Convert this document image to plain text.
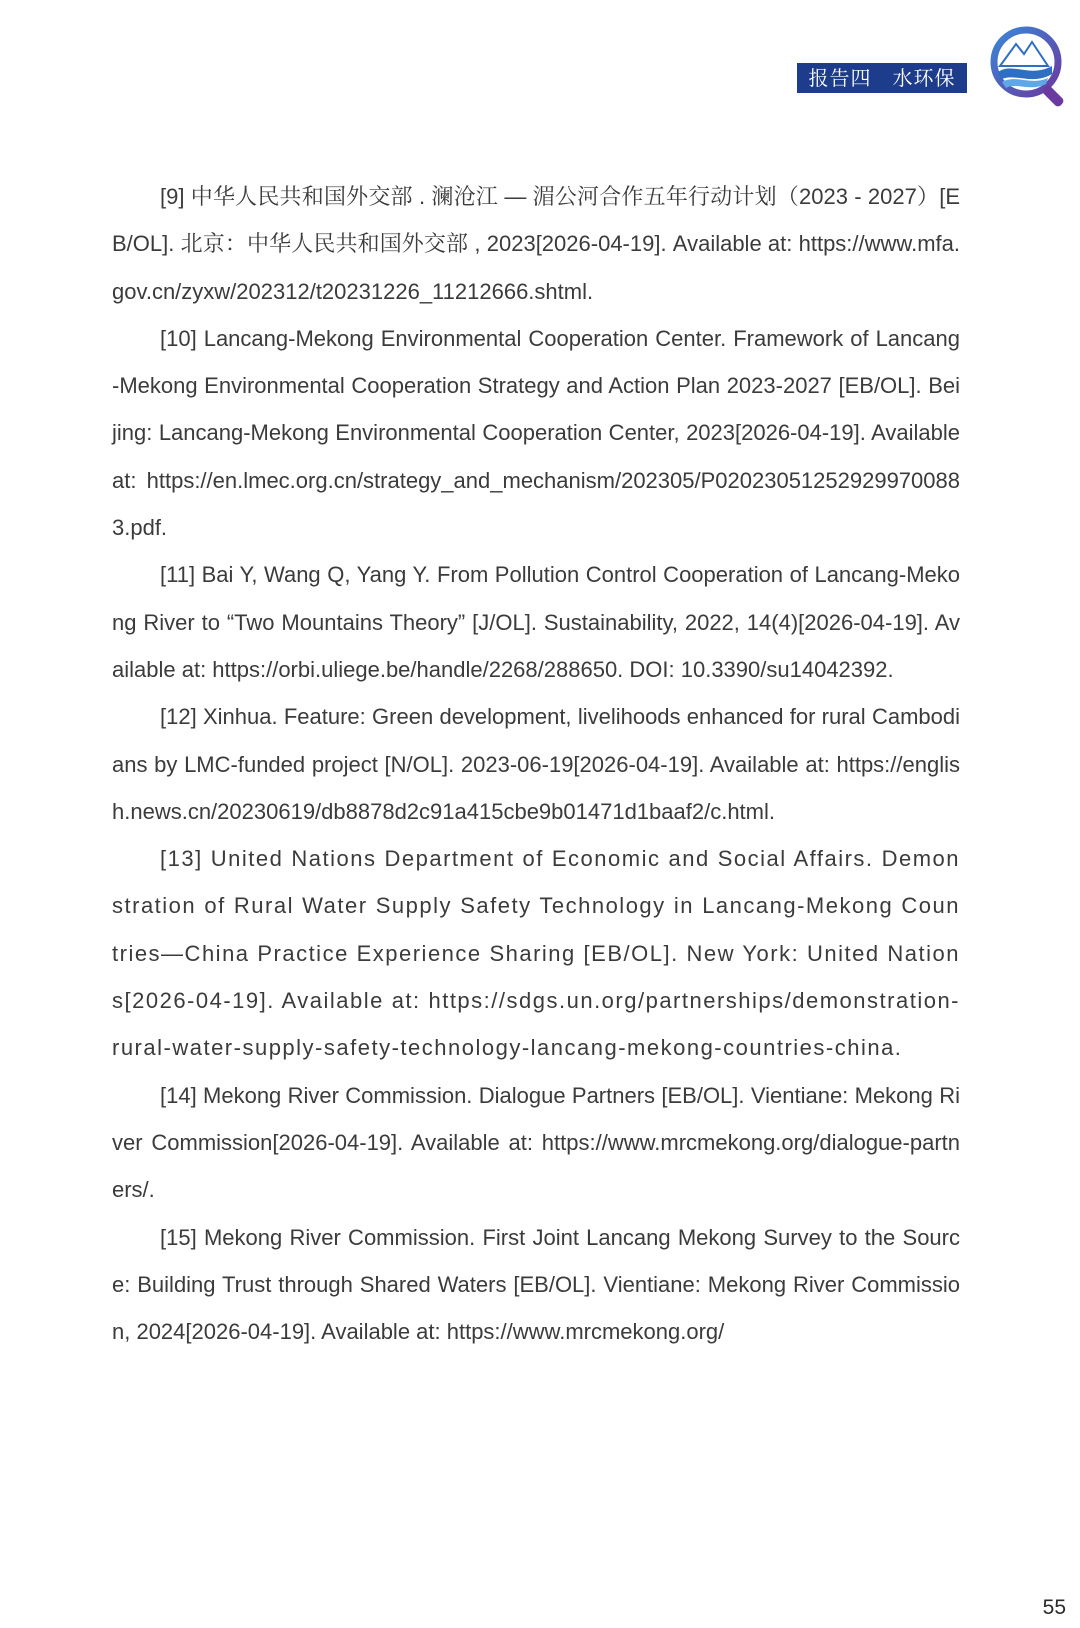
报告四　水环保

[9] 中华人民共和国外交部 . 澜沧江 — 湄公河合作五年行动计划（2023 - 2027）[EB/OL]. 北京：中华人民共和国外交部 , 2023[2026-04-19]. Available at: https://www.mfa.gov.cn/zyxw/202312/t20231226_11212666.shtml.

[10] Lancang-Mekong Environmental Cooperation Center. Framework of Lancang-Mekong Environmental Cooperation Strategy and Action Plan 2023-2027 [EB/OL]. Beijing: Lancang-Mekong Environmental Cooperation Center, 2023[2026-04-19]. Available at: https://en.lmec.org.cn/strategy_and_mechanism/202305/P020230512529299700883.pdf.

[11] Bai Y, Wang Q, Yang Y. From Pollution Control Cooperation of Lancang-Mekong River to “Two Mountains Theory” [J/OL]. Sustainability, 2022, 14(4)[2026-04-19]. Available at: https://orbi.uliege.be/handle/2268/288650. DOI: 10.3390/su14042392.

[12] Xinhua. Feature: Green development, livelihoods enhanced for rural Cambodians by LMC-funded project [N/OL]. 2023-06-19[2026-04-19]. Available at: https://english.news.cn/20230619/db8878d2c91a415cbe9b01471d1baaf2/c.html.

[13] United Nations Department of Economic and Social Affairs. Demonstration of Rural Water Supply Safety Technology in Lancang-Mekong Countries—China Practice Experience Sharing [EB/OL]. New York: United Nations[2026-04-19]. Available at: https://sdgs.un.org/partnerships/demonstration-rural-water-supply-safety-technology-lancang-mekong-countries-china.

[14] Mekong River Commission. Dialogue Partners [EB/OL]. Vientiane: Mekong River Commission[2026-04-19]. Available at: https://www.mrcmekong.org/dialogue-partners/.

[15] Mekong River Commission. First Joint Lancang Mekong Survey to the Source: Building Trust through Shared Waters [EB/OL]. Vientiane: Mekong River Commission, 2024[2026-04-19]. Available at: https://www.mrcmekong.org/

55
